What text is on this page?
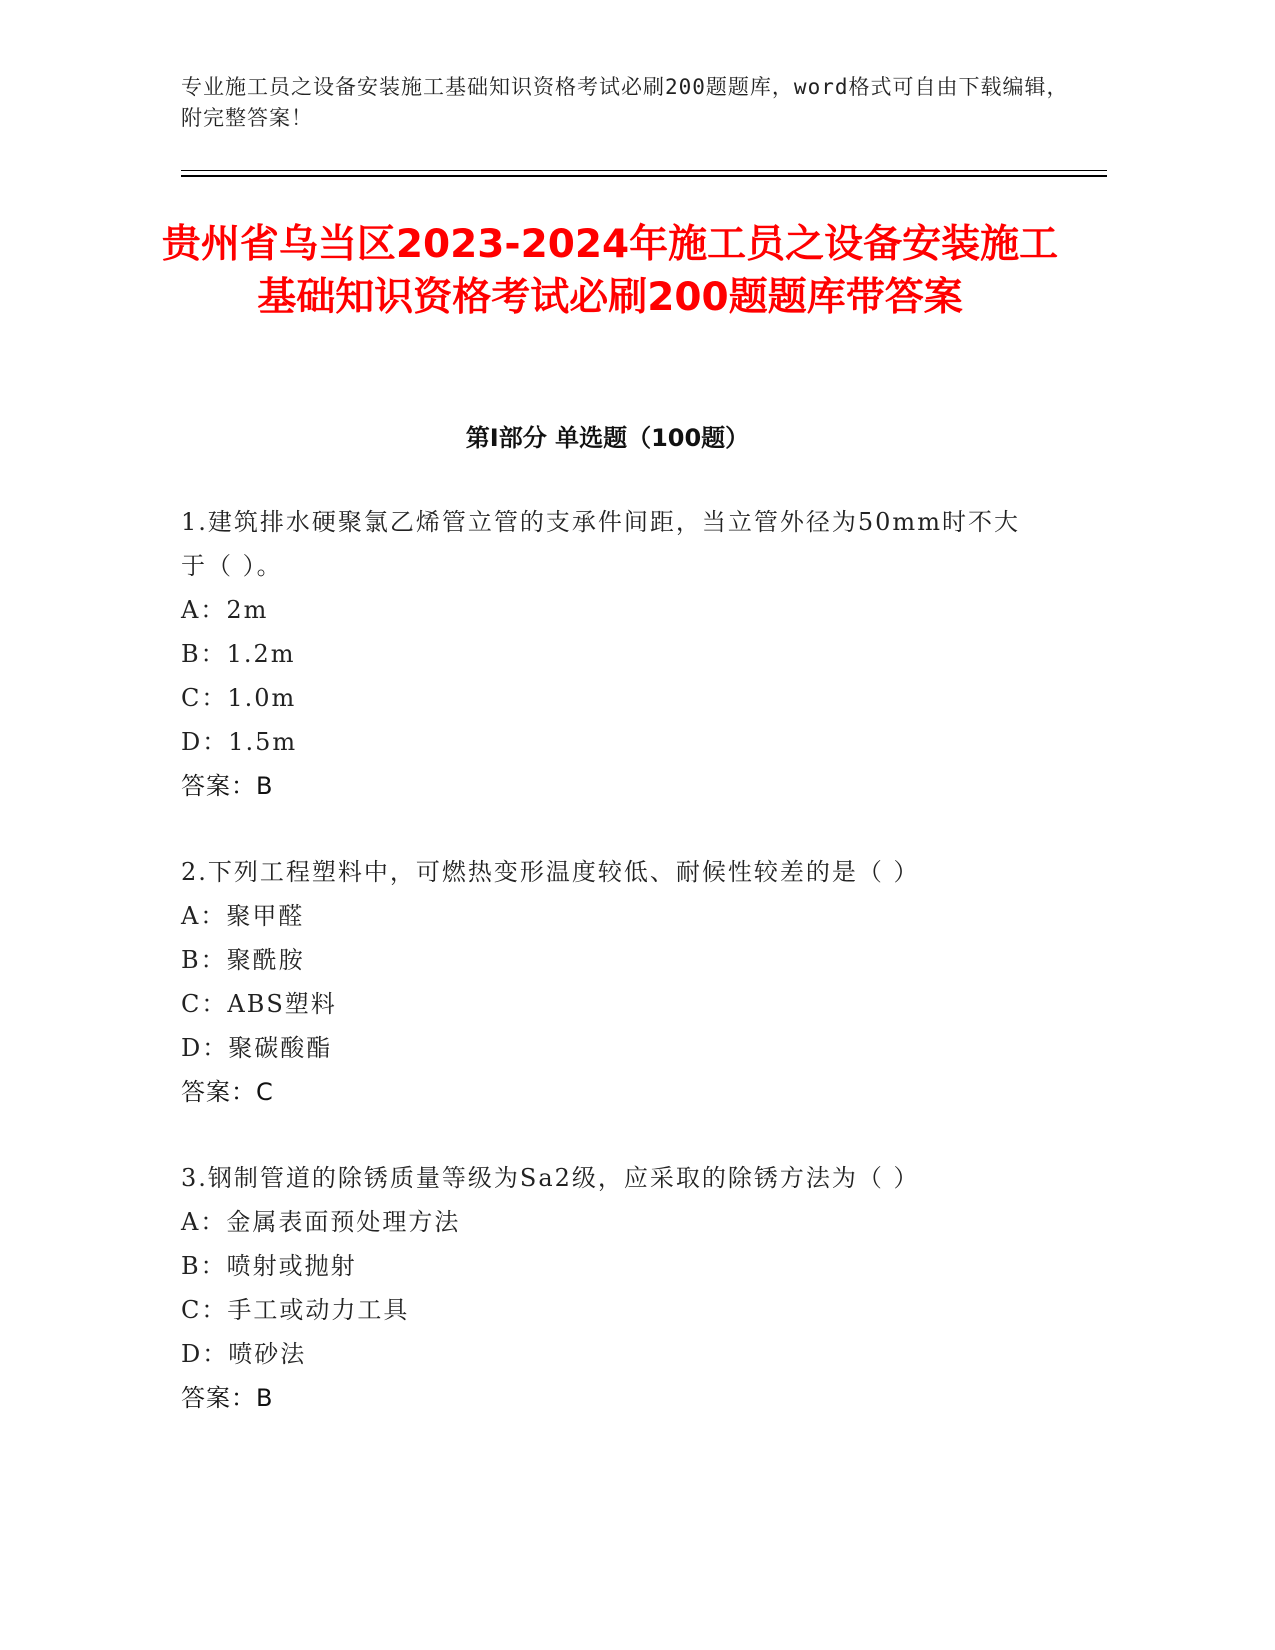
专业施工员之设备安装施工基础知识资格考试必刷200题题库，word格式可自由下载编辑，附完整答案！
贵州省乌当区2023-2024年施工员之设备安装施工基础知识资格考试必刷200题题库带答案
第Ⅰ部分 单选题（100题）
1.建筑排水硬聚氯乙烯管立管的支承件间距，当立管外径为50mm时不大于（ ）。
A：2m
B：1.2m
C：1.0m
D：1.5m
答案：B
2.下列工程塑料中，可燃热变形温度较低、耐候性较差的是（ ）
A：聚甲醛
B：聚酰胺
C：ABS塑料
D：聚碳酸酯
答案：C
3.钢制管道的除锈质量等级为Sa2级，应采取的除锈方法为（ ）
A：金属表面预处理方法
B：喷射或抛射
C：手工或动力工具
D：喷砂法
答案：B
